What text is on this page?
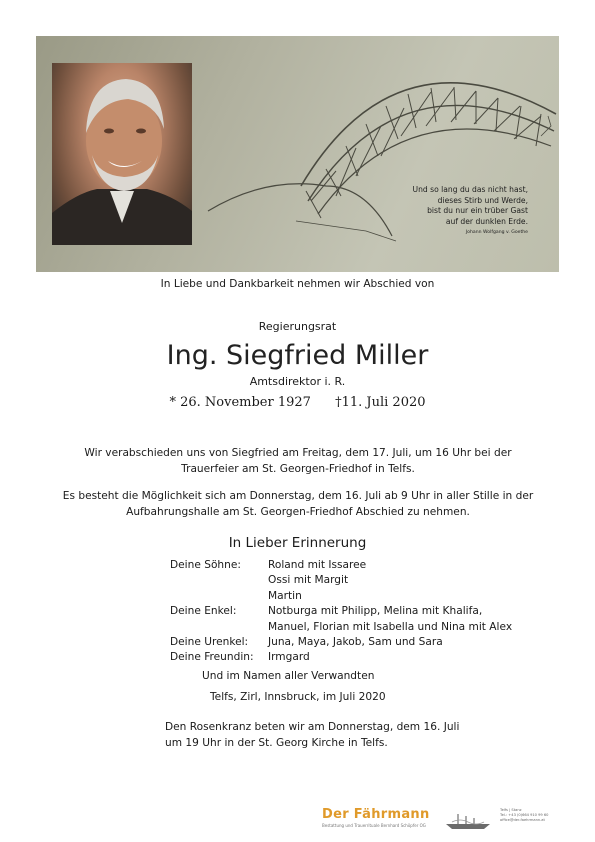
Und so lang du das nicht hast,
dieses Stirb und Werde,
bist du nur ein trüber Gast
auf der dunklen Erde.
Johann Wolfgang v. Goethe
In Liebe und Dankbarkeit nehmen wir Abschied von
Regierungsrat
Ing. Siegfried Miller
Amtsdirektor i. R.
* 26. November 1927 †11. Juli 2020
Wir verabschieden uns von Siegfried am Freitag, dem 17. Juli, um 16 Uhr bei der Trauerfeier am St. Georgen-Friedhof in Telfs.
Es besteht die Möglichkeit sich am Donnerstag, dem 16. Juli ab 9 Uhr in aller Stille in der Aufbahrungshalle am St. Georgen-Friedhof Abschied zu nehmen.
In Lieber Erinnerung
Deine Söhne:	Roland mit Issaree
Ossi mit Margit
Martin

Deine Enkel:	Notburga mit Philipp, Melina mit Khalifa,
Manuel, Florian mit Isabella und Nina mit Alex

Deine Urenkel:	Juna, Maya, Jakob, Sam und Sara
Deine Freundin:	Irmgard
Und im Namen aller Verwandten
Telfs, Zirl, Innsbruck, im Juli 2020
Den Rosenkranz beten wir am Donnerstag, dem 16. Juli
um 19 Uhr in der St. Georg Kirche in Telfs.
Der Fährmann
Bestattung und Trauerrituale Bernhard Schöpfer OG
Telfs | Stanz
Tel.: +43 (0)664 910 99 60
office@der-faehrmann.at
